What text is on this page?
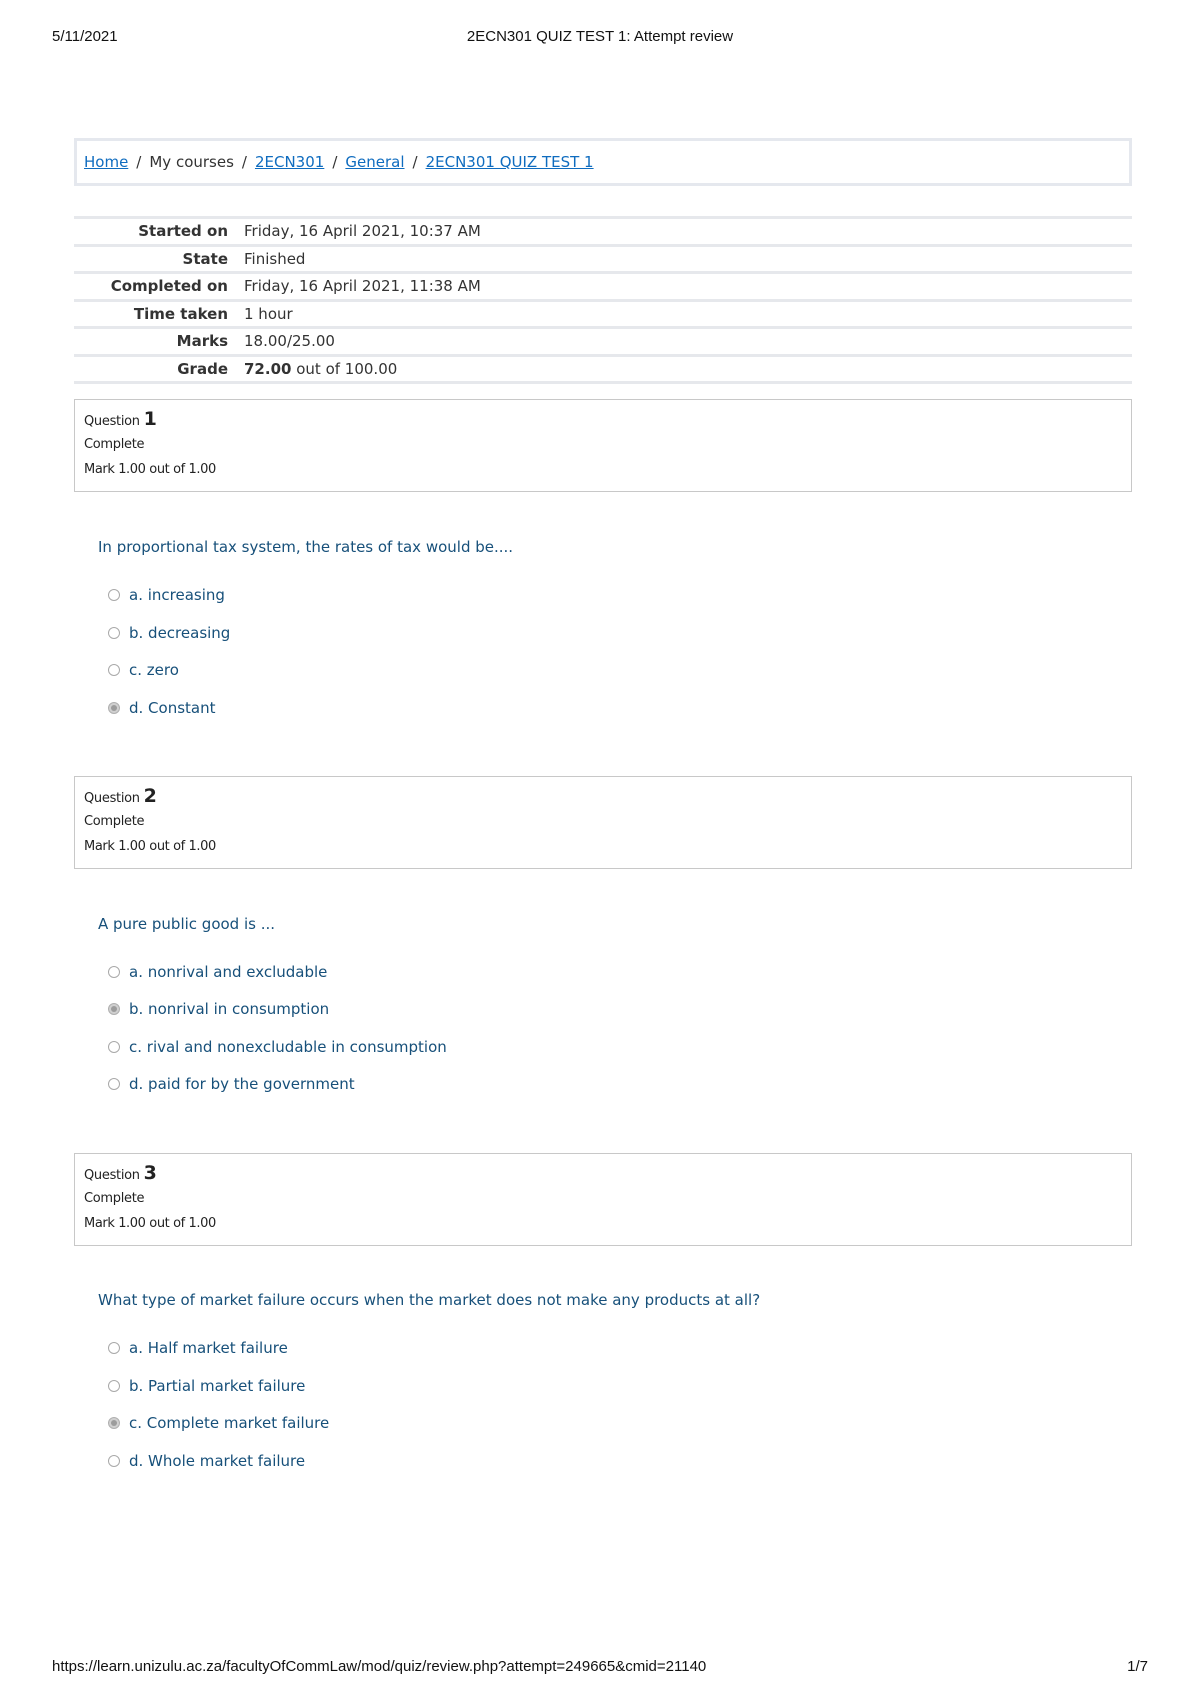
5/11/2021	2ECN301 QUIZ TEST 1: Attempt review
Home / My courses / 2ECN301 / General / 2ECN301 QUIZ TEST 1
Started on	Friday, 16 April 2021, 10:37 AM
State	Finished
Completed on	Friday, 16 April 2021, 11:38 AM
Time taken	1 hour
Marks	18.00/25.00
Grade	72.00 out of 100.00
Question 1
Complete
Mark 1.00 out of 1.00
In proportional tax system, the rates of tax would be....
a. increasing
b. decreasing
c. zero
d. Constant
Question 2
Complete
Mark 1.00 out of 1.00
A pure public good is ...
a. nonrival and excludable
b. nonrival in consumption
c. rival and nonexcludable in consumption
d. paid for by the government
Question 3
Complete
Mark 1.00 out of 1.00
What type of market failure occurs when the market does not make any products at all?
a. Half market failure
b. Partial market failure
c. Complete market failure
d. Whole market failure
https://learn.unizulu.ac.za/facultyOfCommLaw/mod/quiz/review.php?attempt=249665&cmid=21140	1/7
